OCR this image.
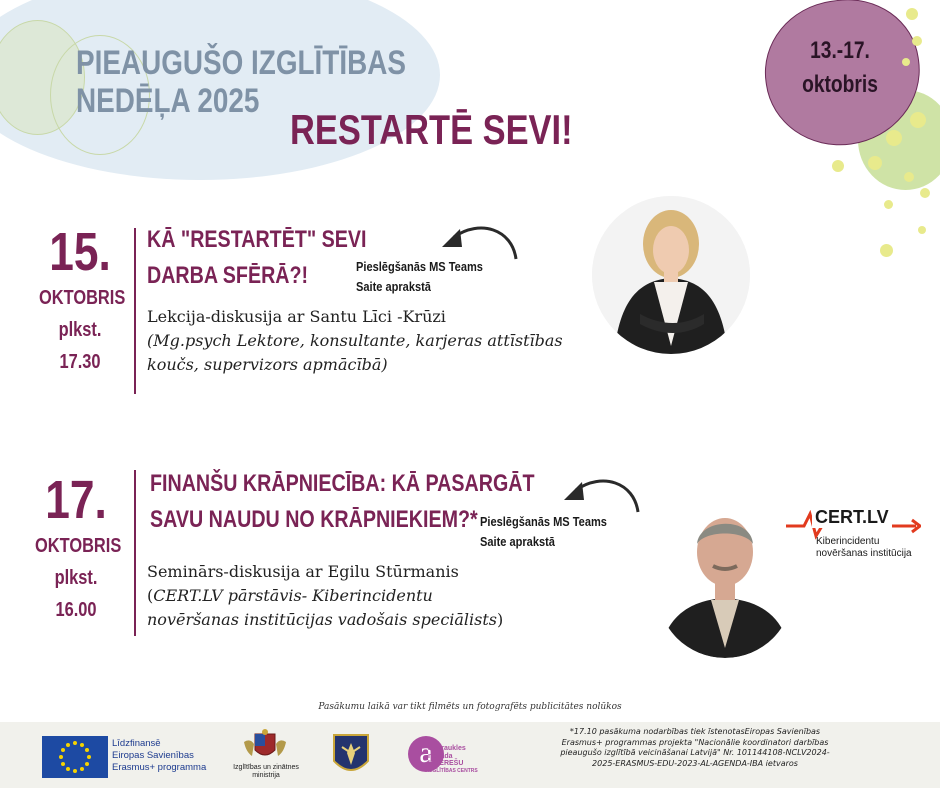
13.-17.
oktobris
PIEAUGUŠO IZGLĪTĪBAS
NEDĒĻA 2025
RESTARTĒ SEVI!
15.
OKTOBRIS
plkst.
17.30
KĀ "RESTARTĒT" SEVI
DARBA SFĒRĀ?!	Pieslēgšanās MS Teams
Saite aprakstā
Lekcija-diskusija ar Santu Līci -Krūzi
(Mg.psych Lektore, konsultante, karjeras attīstības
koučs, supervizors apmācībā)
17.
OKTOBRIS
plkst.
16.00
FINANŠU KRĀPNIECĪBA: KĀ PASARGĀT
SAVU NAUDU NO KRĀPNIEKIEM?* Pieslēgšanās MS Teams
Saite aprakstā
Seminārs-diskusija ar Egilu Stūrmanis
(CERT.LV pārstāvis- Kiberincidentu
novēršanas institūcijas vadošais speciālists)
CERT.LV
Kiberincidentu
novēršanas institūcija
Pasākumu laikā var tikt filmēts un fotografēts publicitātes nolūkos
Līdzfinansē
Eiropas Savienības
Erasmus+ programma	Izglītības un zinātnes
ministrija
a
aizkraukles
novada
INTEREŠU
IZGLĪTĪBAS CENTRS
*17.10 pasākuma nodarbības tiek īstenotasEiropas Savienības Erasmus+ programmas projekta "Nacionālie koordinatori darbības pieaugušo izglītībā veicināšanai Latvijā" Nr. 101144108-NCLV2024-2025-ERASMUS-EDU-2023-AL-AGENDA-IBA ietvaros
